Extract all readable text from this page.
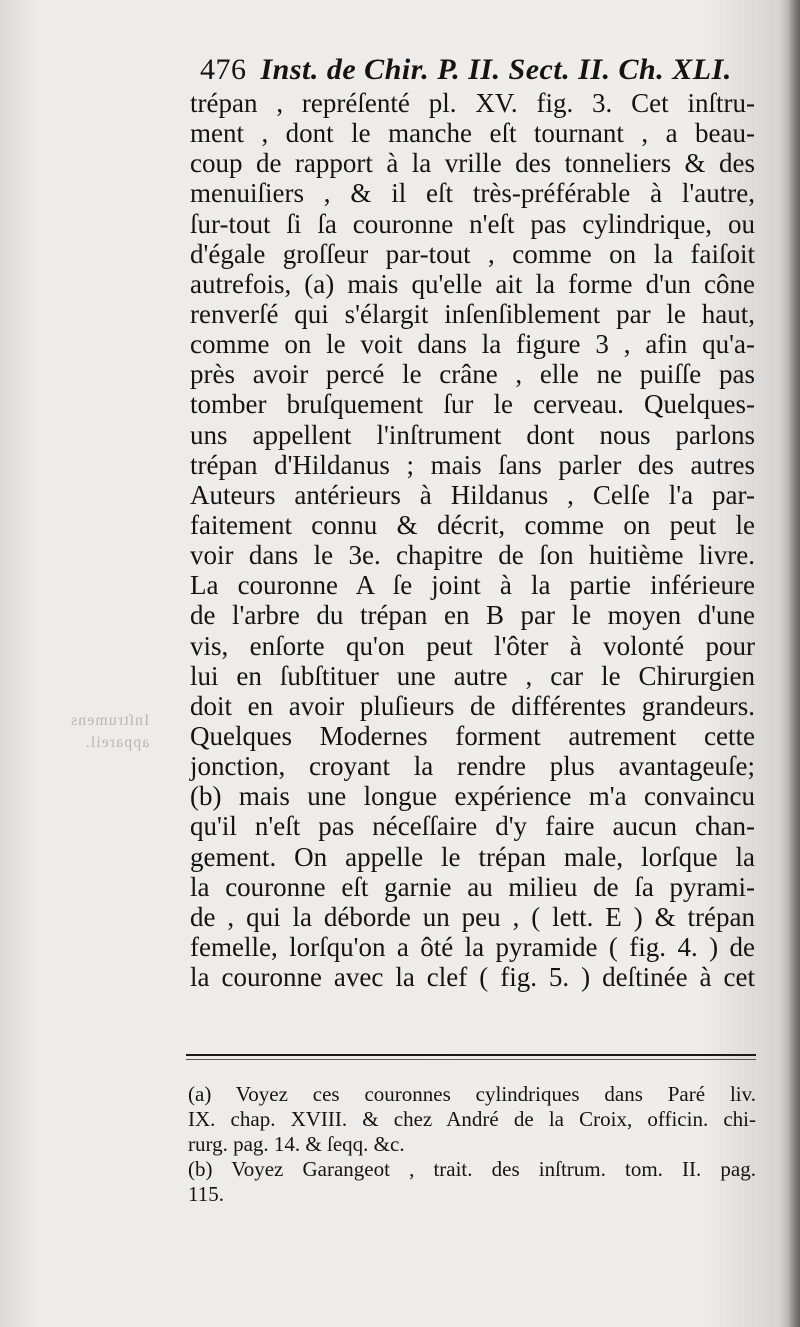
Inſtrumens
appareil.
476 Inst. de Chir. P. II. Sect. II. Ch. XLI.
trépan , repréſenté pl. XV. fig. 3. Cet inſtru-
ment , dont le manche eſt tournant , a beau-
coup de rapport à la vrille des tonneliers & des
menuiſiers , & il eſt très-préférable à l'autre,
ſur-tout ſi ſa couronne n'eſt pas cylindrique, ou
d'égale groſſeur par-tout , comme on la faiſoit
autrefois, (a) mais qu'elle ait la forme d'un cône
renverſé qui s'élargit inſenſiblement par le haut,
comme on le voit dans la figure 3 , afin qu'a-
près avoir percé le crâne , elle ne puiſſe pas
tomber bruſquement ſur le cerveau. Quelques-
uns appellent l'inſtrument dont nous parlons
trépan d'Hildanus ; mais ſans parler des autres
Auteurs antérieurs à Hildanus , Celſe l'a par-
faitement connu & décrit, comme on peut le
voir dans le 3e. chapitre de ſon huitième livre.
La couronne A ſe joint à la partie inférieure
de l'arbre du trépan en B par le moyen d'une
vis, enſorte qu'on peut l'ôter à volonté pour
lui en ſubſtituer une autre , car le Chirurgien
doit en avoir pluſieurs de différentes grandeurs.
Quelques Modernes forment autrement cette
jonction, croyant la rendre plus avantageuſe;
(b) mais une longue expérience m'a convaincu
qu'il n'eſt pas néceſſaire d'y faire aucun chan-
gement. On appelle le trépan male, lorſque la
la couronne eſt garnie au milieu de ſa pyrami-
de , qui la déborde un peu , ( lett. E ) & trépan
femelle, lorſqu'on a ôté la pyramide ( fig. 4. ) de
la couronne avec la clef ( fig. 5. ) deſtinée à cet
(a) Voyez ces couronnes cylindriques dans Paré liv.
IX. chap. XVIII. & chez André de la Croix, officin. chi-
rurg. pag. 14. & ſeqq. &c.
(b) Voyez Garangeot , trait. des inſtrum. tom. II. pag.
115.
